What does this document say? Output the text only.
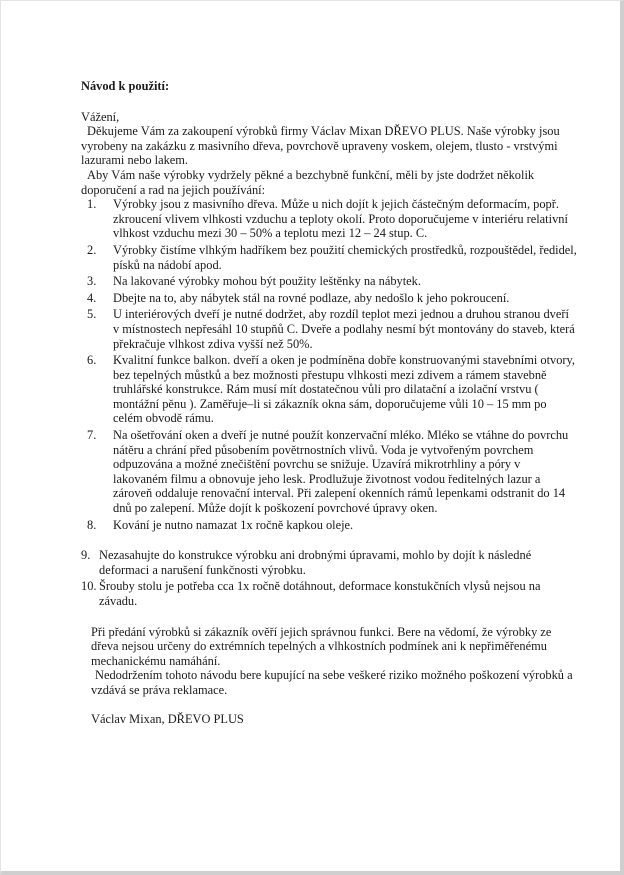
Návod k použití:

Vážení,

Děkujeme Vám za zakoupení výrobků firmy Václav Mixan DŘEVO PLUS. Naše výrobky jsou vyrobeny na zakázku z masivního dřeva, povrchově upraveny voskem, olejem, tlusto - vrstvými lazurami nebo lakem.

Aby Vám naše výrobky vydržely pěkné a bezchybně funkční, měli by jste dodržet několik doporučení a rad na jejich používání:

1. Výrobky jsou z masivního dřeva. Může u nich dojít k jejich částečným deformacím, popř. zkroucení vlivem vlhkosti vzduchu a teploty okolí. Proto doporučujeme v interiéru relativní vlhkost vzduchu mezi 30 – 50% a teplotu mezi 12 – 24 stup. C.
2. Výrobky čistíme vlhkým hadříkem bez použití chemických prostředků, rozpouštědel, ředidel, písků na nádobí apod.
3. Na lakované výrobky mohou být použity leštěnky na nábytek.
4. Dbejte na to, aby nábytek stál na rovné podlaze, aby nedošlo k jeho pokroucení.
5. U interiérových dveří je nutné dodržet, aby rozdíl teplot mezi jednou a druhou stranou dveří v místnostech nepřesáhl 10 stupňů C. Dveře a podlahy nesmí být montovány do staveb, která překračuje vlhkost zdiva vyšší než 50%.
6. Kvalitní funkce balkon. dveří a oken je podmíněna dobře konstruovanými stavebními otvory, bez tepelných můstků a bez možnosti přestupu vlhkosti mezi zdivem a rámem stavebně truhlářské konstrukce. Rám musí mít dostatečnou vůli pro dilatační a izolační vrstvu ( montážní pěnu ). Zaměřuje–li si zákazník okna sám, doporučujeme vůli 10 – 15 mm po celém obvodě rámu.
7. Na ošetřování oken a dveří je nutné použít konzervační mléko. Mléko se vtáhne do povrchu nátěru a chrání před působením povětrnostních vlivů. Voda je vytvořeným povrchem odpuzována a možné znečištění povrchu se snižuje. Uzavírá mikrotrhliny a póry v lakovaném filmu a obnovuje jeho lesk. Prodlužuje životnost vodou ředitelných lazur a zároveň oddaluje renovační interval. Při zalepení okenních rámů lepenkami odstranit do 14 dnů po zalepení. Může dojít k poškození povrchové úpravy oken.
8. Kování je nutno namazat 1x ročně kapkou oleje.
9. Nezasahujte do konstrukce výrobku ani drobnými úpravami, mohlo by dojít k následné deformaci a narušení funkčnosti výrobku.
10. Šrouby stolu je potřeba cca 1x ročně dotáhnout, deformace konstukčních vlysů nejsou na závadu.

Při předání výrobků si zákazník ověří jejich správnou funkci. Bere na vědomí, že výrobky ze dřeva nejsou určeny do extrémních tepelných a vlhkostních podmínek ani k nepřiměřenému mechanickému namáhání.

Nedodržením tohoto návodu bere kupující na sebe veškeré riziko možného poškození výrobků a vzdává se práva reklamace.

Václav Mixan, DŘEVO PLUS
